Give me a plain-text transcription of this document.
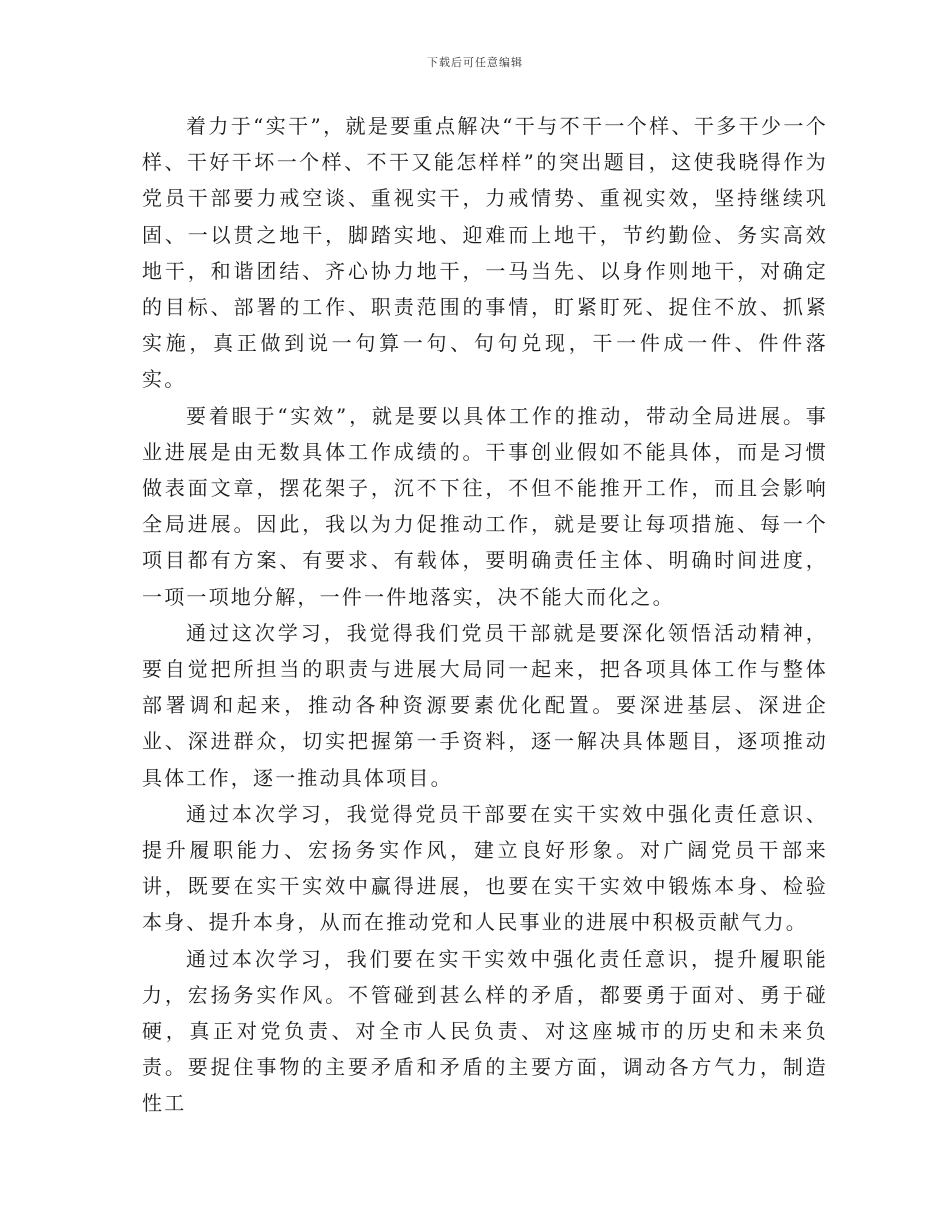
下载后可任意编辑

着力于“实干”，就是要重点解决“干与不干一个样、干多干少一个样、干好干坏一个样、不干又能怎样样”的突出题目，这使我晓得作为党员干部要力戒空谈、重视实干，力戒情势、重视实效，坚持继续巩固、一以贯之地干，脚踏实地、迎难而上地干，节约勤俭、务实高效地干，和谐团结、齐心协力地干，一马当先、以身作则地干，对确定的目标、部署的工作、职责范围的事情，盯紧盯死、捉住不放、抓紧实施，真正做到说一句算一句、句句兑现，干一件成一件、件件落实。

要着眼于“实效”，就是要以具体工作的推动，带动全局进展。事业进展是由无数具体工作成绩的。干事创业假如不能具体，而是习惯做表面文章，摆花架子，沉不下往，不但不能推开工作，而且会影响全局进展。因此，我以为力促推动工作，就是要让每项措施、每一个项目都有方案、有要求、有载体，要明确责任主体、明确时间进度，一项一项地分解，一件一件地落实，决不能大而化之。

通过这次学习，我觉得我们党员干部就是要深化领悟活动精神，要自觉把所担当的职责与进展大局同一起来，把各项具体工作与整体部署调和起来，推动各种资源要素优化配置。要深进基层、深进企业、深进群众，切实把握第一手资料，逐一解决具体题目，逐项推动具体工作，逐一推动具体项目。

通过本次学习，我觉得党员干部要在实干实效中强化责任意识、提升履职能力、宏扬务实作风，建立良好形象。对广阔党员干部来讲，既要在实干实效中赢得进展，也要在实干实效中锻炼本身、检验本身、提升本身，从而在推动党和人民事业的进展中积极贡献气力。

通过本次学习，我们要在实干实效中强化责任意识，提升履职能力，宏扬务实作风。不管碰到甚么样的矛盾，都要勇于面对、勇于碰硬，真正对党负责、对全市人民负责、对这座城市的历史和未来负责。要捉住事物的主要矛盾和矛盾的主要方面，调动各方气力，制造性工
